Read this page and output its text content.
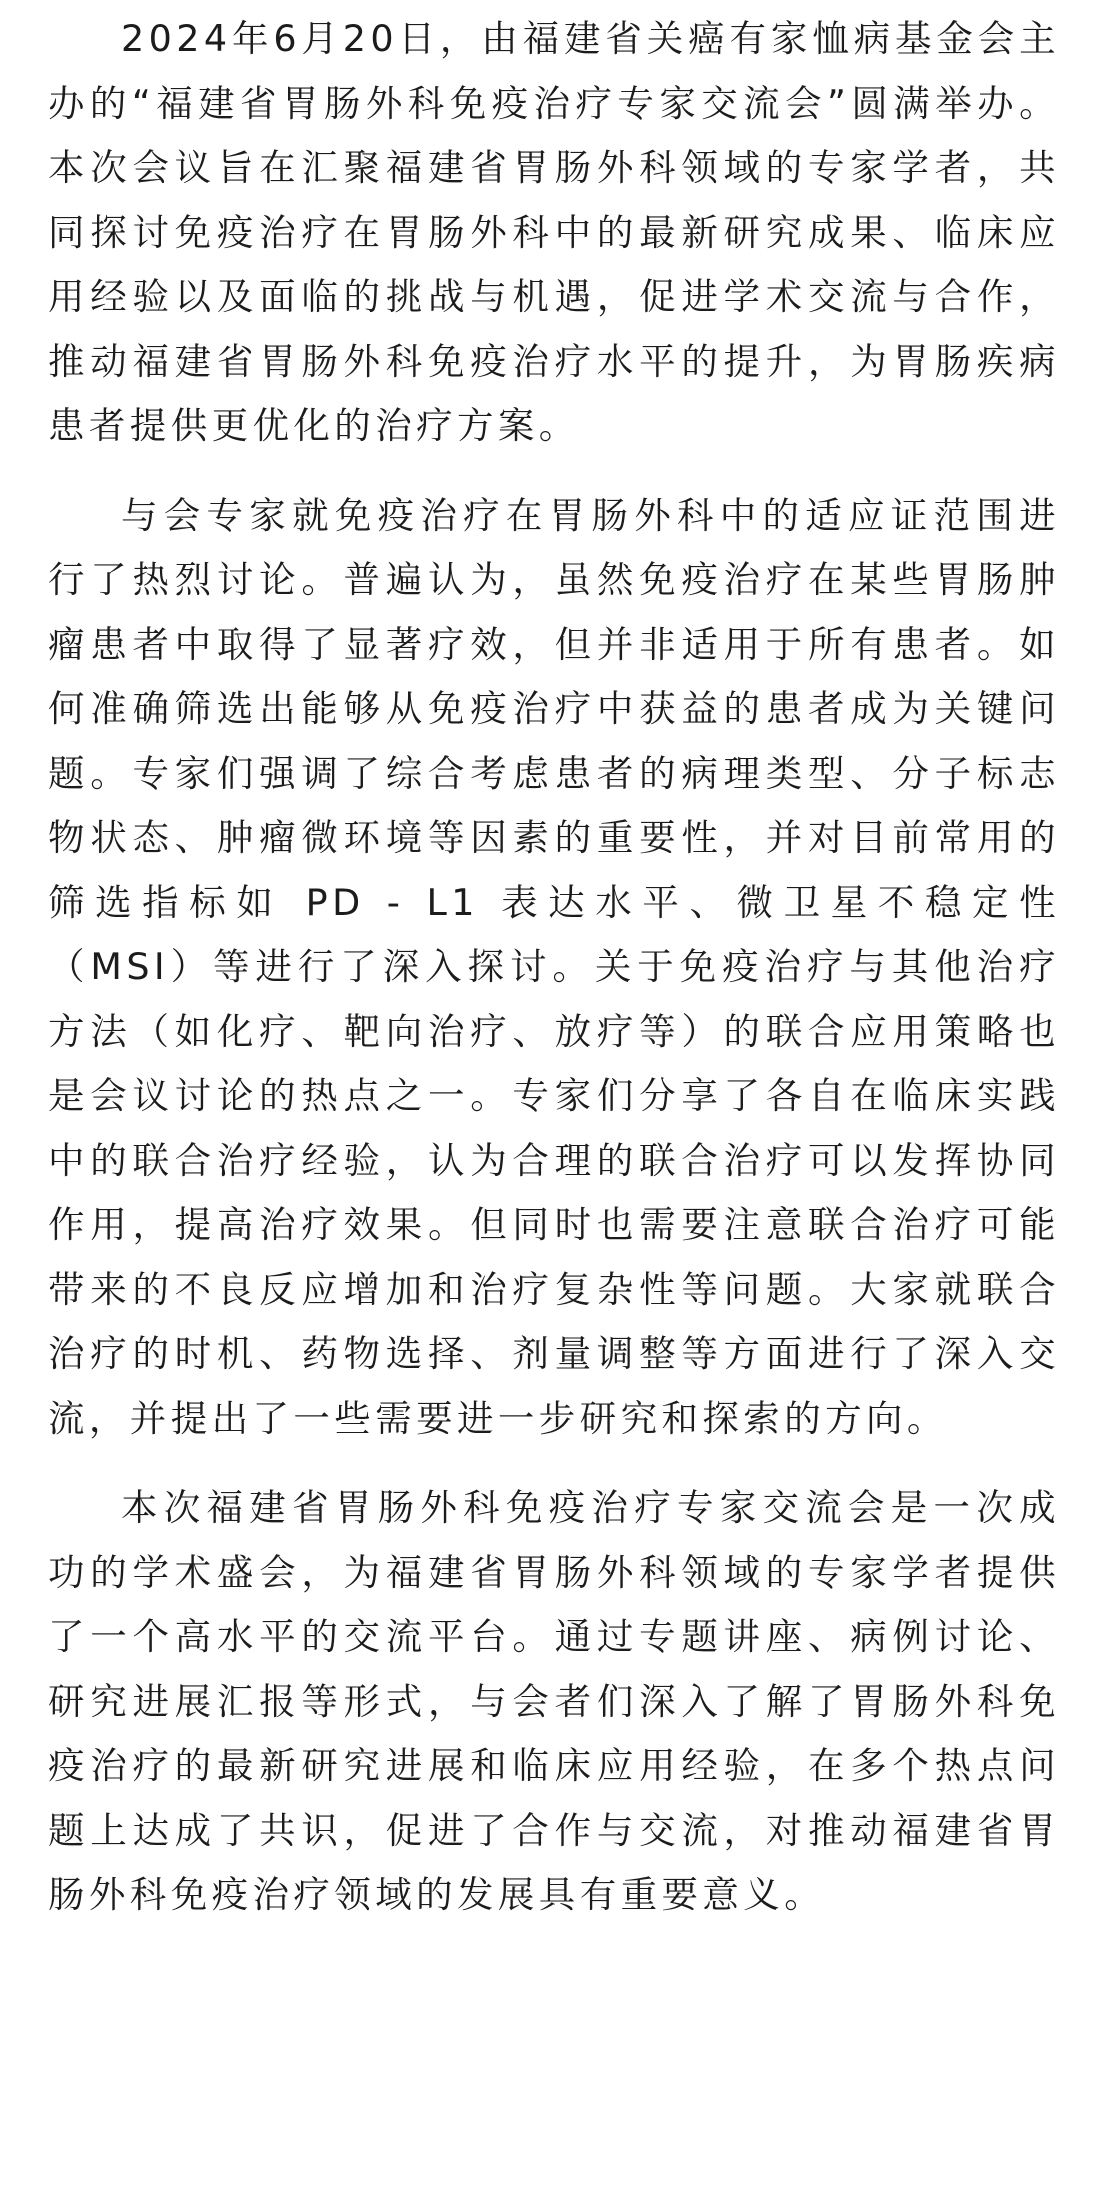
2024年6月20日，由福建省关癌有家恤病基金会主办的“福建省胃肠外科免疫治疗专家交流会”圆满举办。本次会议旨在汇聚福建省胃肠外科领域的专家学者，共同探讨免疫治疗在胃肠外科中的最新研究成果、临床应用经验以及面临的挑战与机遇，促进学术交流与合作，推动福建省胃肠外科免疫治疗水平的提升，为胃肠疾病患者提供更优化的治疗方案。

与会专家就免疫治疗在胃肠外科中的适应证范围进行了热烈讨论。普遍认为，虽然免疫治疗在某些胃肠肿瘤患者中取得了显著疗效，但并非适用于所有患者。如何准确筛选出能够从免疫治疗中获益的患者成为关键问题。专家们强调了综合考虑患者的病理类型、分子标志物状态、肿瘤微环境等因素的重要性，并对目前常用的筛选指标如 PD - L1 表达水平、微卫星不稳定性（MSI）等进行了深入探讨。关于免疫治疗与其他治疗方法（如化疗、靶向治疗、放疗等）的联合应用策略也是会议讨论的热点之一。专家们分享了各自在临床实践中的联合治疗经验，认为合理的联合治疗可以发挥协同作用，提高治疗效果。但同时也需要注意联合治疗可能带来的不良反应增加和治疗复杂性等问题。大家就联合治疗的时机、药物选择、剂量调整等方面进行了深入交流，并提出了一些需要进一步研究和探索的方向。

本次福建省胃肠外科免疫治疗专家交流会是一次成功的学术盛会，为福建省胃肠外科领域的专家学者提供了一个高水平的交流平台。通过专题讲座、病例讨论、研究进展汇报等形式，与会者们深入了解了胃肠外科免疫治疗的最新研究进展和临床应用经验，在多个热点问题上达成了共识，促进了合作与交流，对推动福建省胃肠外科免疫治疗领域的发展具有重要意义。
